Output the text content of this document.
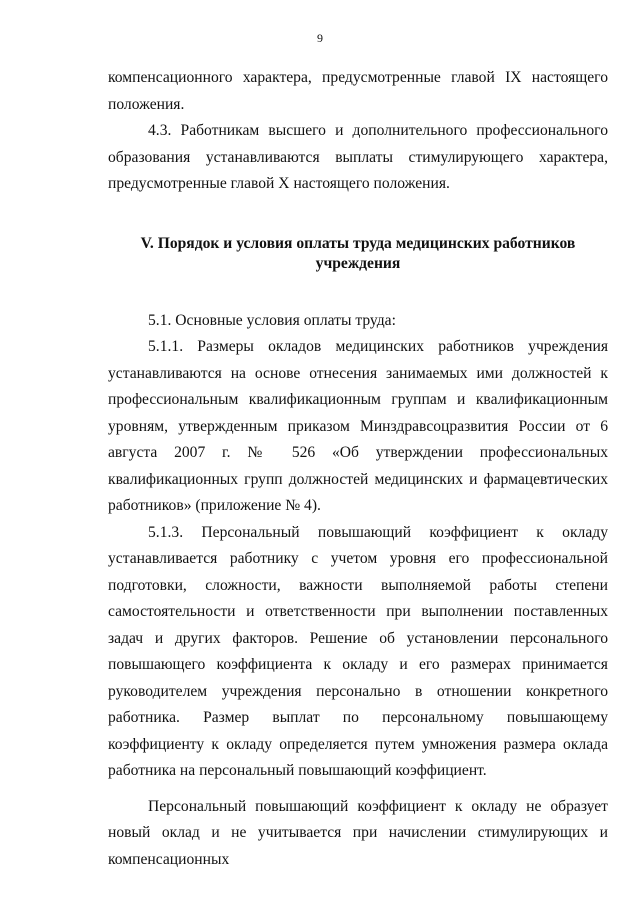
9

компенсационного характера, предусмотренные главой IX настоящего положения.

4.3. Работникам высшего и дополнительного профессионального образования устанавливаются выплаты стимулирующего характера, предусмотренные главой X настоящего положения.

V. Порядок и условия оплаты труда медицинских работников учреждения

5.1. Основные условия оплаты труда:

5.1.1. Размеры окладов медицинских работников учреждения устанавливаются на основе отнесения занимаемых ими должностей к профессиональным квалификационным группам и квалификационным уровням, утвержденным приказом Минздравсоцразвития России от 6 августа 2007 г. № 526 «Об утверждении профессиональных квалификационных групп должностей медицинских и фармацевтических работников» (приложение № 4).

5.1.3. Персональный повышающий коэффициент к окладу устанавливается работнику с учетом уровня его профессиональной подготовки, сложности, важности выполняемой работы степени самостоятельности и ответственности при выполнении поставленных задач и других факторов. Решение об установлении персонального повышающего коэффициента к окладу и его размерах принимается руководителем учреждения персонально в отношении конкретного работника. Размер выплат по персональному повышающему коэффициенту к окладу определяется путем умножения размера оклада работника на персональный повышающий коэффициент.

Персональный повышающий коэффициент к окладу не образует новый оклад и не учитывается при начислении стимулирующих и компенсационных
